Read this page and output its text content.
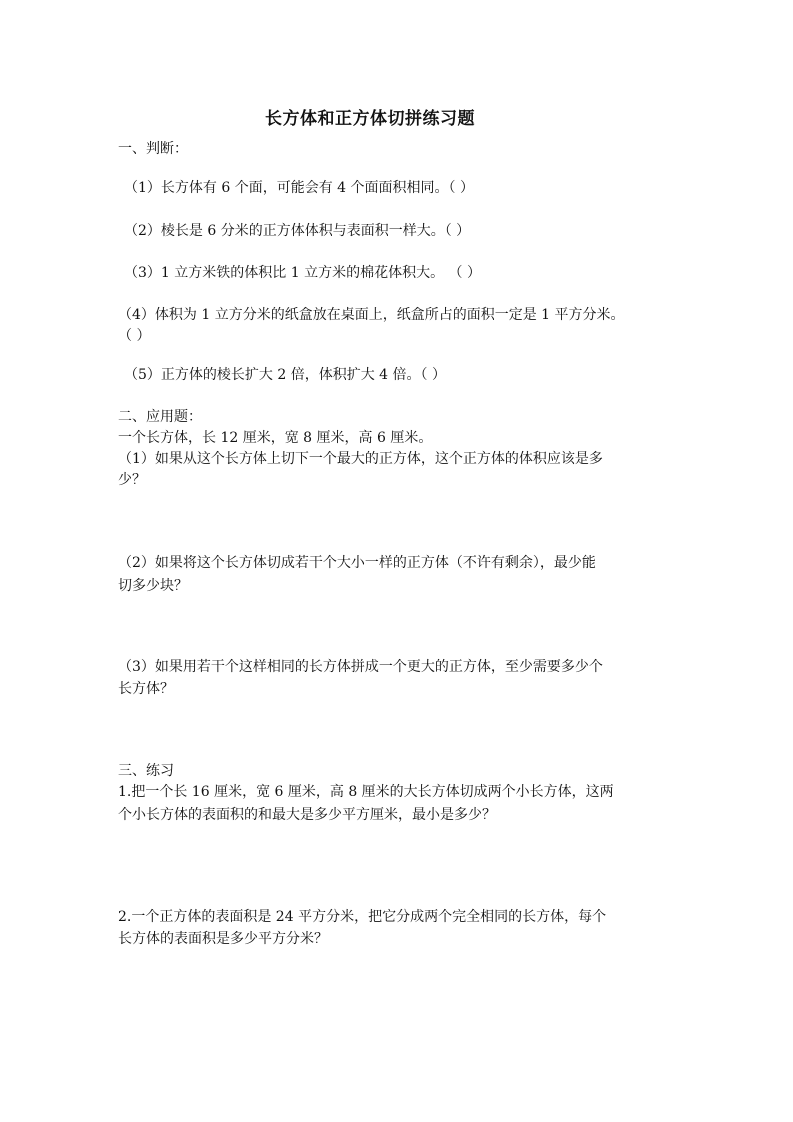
长方体和正方体切拼练习题
一、判断：
（1）长方体有 6 个面，可能会有 4 个面面积相同。（ ）
（2）棱长是 6 分米的正方体体积与表面积一样大。（ ）
（3）1 立方米铁的体积比 1 立方米的棉花体积大。 （ ）
（4）体积为 1 立方分米的纸盒放在桌面上，纸盒所占的面积一定是 1 平方分米。
（ ）
（5）正方体的棱长扩大 2 倍，体积扩大 4 倍。（ ）
二、应用题：
一个长方体，长 12 厘米，宽 8 厘米，高 6 厘米。
（1）如果从这个长方体上切下一个最大的正方体，这个正方体的体积应该是多
少？
（2）如果将这个长方体切成若干个大小一样的正方体（不许有剩余），最少能
切多少块？
（3）如果用若干个这样相同的长方体拼成一个更大的正方体，至少需要多少个
长方体？
三、练习
1.把一个长 16 厘米，宽 6 厘米，高 8 厘米的大长方体切成两个小长方体，这两
个小长方体的表面积的和最大是多少平方厘米，最小是多少？
2.一个正方体的表面积是 24 平方分米，把它分成两个完全相同的长方体，每个
长方体的表面积是多少平方分米？
